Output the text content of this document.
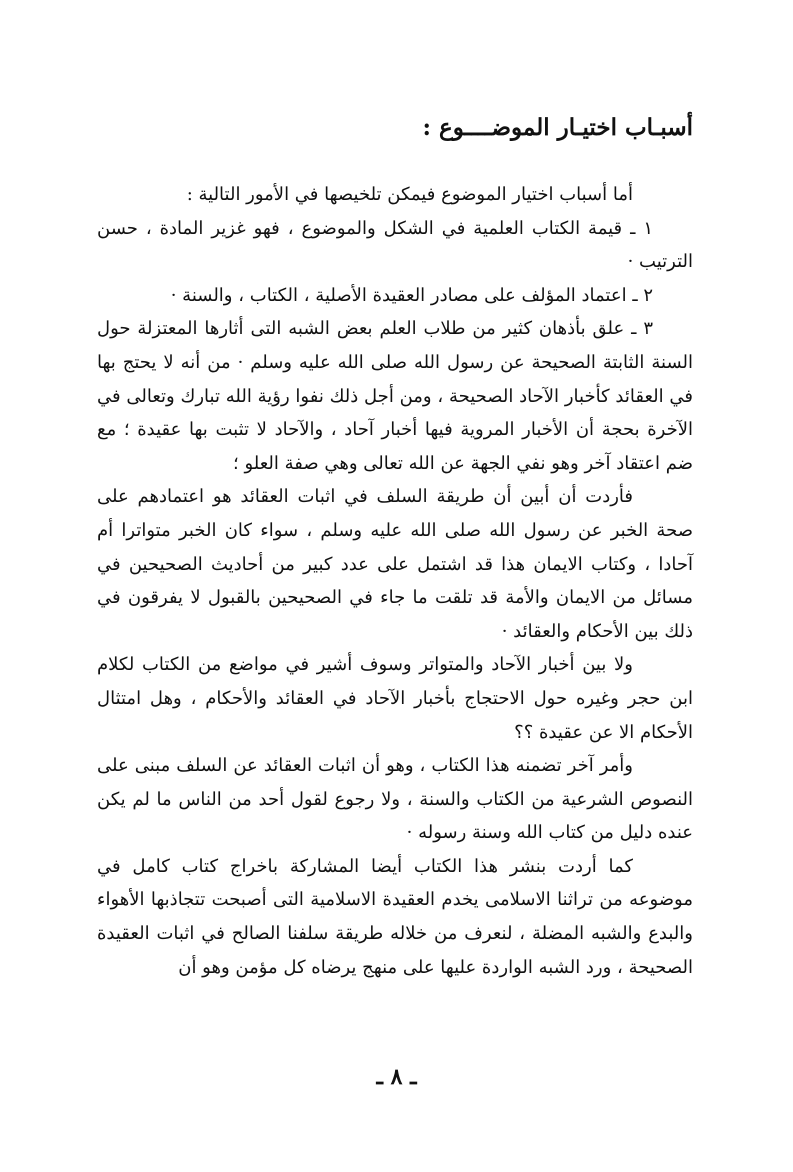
أسبـاب اختيـار الموضــــوع :

أما أسباب اختيار الموضوع فيمكن تلخيصها في الأمور التالية :

١ ـ قيمة الكتاب العلمية في الشكل والموضوع ، فهو غزير المادة ، حسن الترتيب ·

٢ ـ اعتماد المؤلف على مصادر العقيدة الأصلية ، الكتاب ، والسنة ·

٣ ـ علق بأذهان كثير من طلاب العلم بعض الشبه التى أثارها المعتزلة حول السنة الثابتة الصحيحة عن رسول الله صلى الله عليه وسلم · من أنه لا يحتج بها في العقائد كأخبار الآحاد الصحيحة ، ومن أجل ذلك نفوا رؤية الله تبارك وتعالى في الآخرة بحجة أن الأخبار المروية فيها أخبار آحاد ، والآحاد لا تثبت بها عقيدة ؛ مع ضم اعتقاد آخر وهو نفي الجهة عن الله تعالى وهي صفة العلو ؛

فأردت أن أبين أن طريقة السلف في اثبات العقائد هو اعتمادهم على صحة الخبر عن رسول الله صلى الله عليه وسلم ، سواء كان الخبر متواترا أم آحادا ، وكتاب الايمان هذا قد اشتمل على عدد كبير من أحاديث الصحيحين في مسائل من الايمان والأمة قد تلقت ما جاء في الصحيحين بالقبول لا يفرقون في ذلك بين الأحكام والعقائد ·

ولا بين أخبار الآحاد والمتواتر وسوف أشير في مواضع من الكتاب لكلام ابن حجر وغيره حول الاحتجاج بأخبار الآحاد في العقائد والأحكام ، وهل امتثال الأحكام الا عن عقيدة ؟؟

وأمر آخر تضمنه هذا الكتاب ، وهو أن اثبات العقائد عن السلف مبنى على النصوص الشرعية من الكتاب والسنة ، ولا رجوع لقول أحد من الناس ما لم يكن عنده دليل من كتاب الله وسنة رسوله ·

كما أردت بنشر هذا الكتاب أيضا المشاركة باخراج كتاب كامل في موضوعه من تراثنا الاسلامى يخدم العقيدة الاسلامية التى أصبحت تتجاذبها الأهواء والبدع والشبه المضلة ، لنعرف من خلاله طريقة سلفنا الصالح في اثبات العقيدة الصحيحة ، ورد الشبه الواردة عليها على منهج يرضاه كل مؤمن وهو أن

ـ ٨ ـ
